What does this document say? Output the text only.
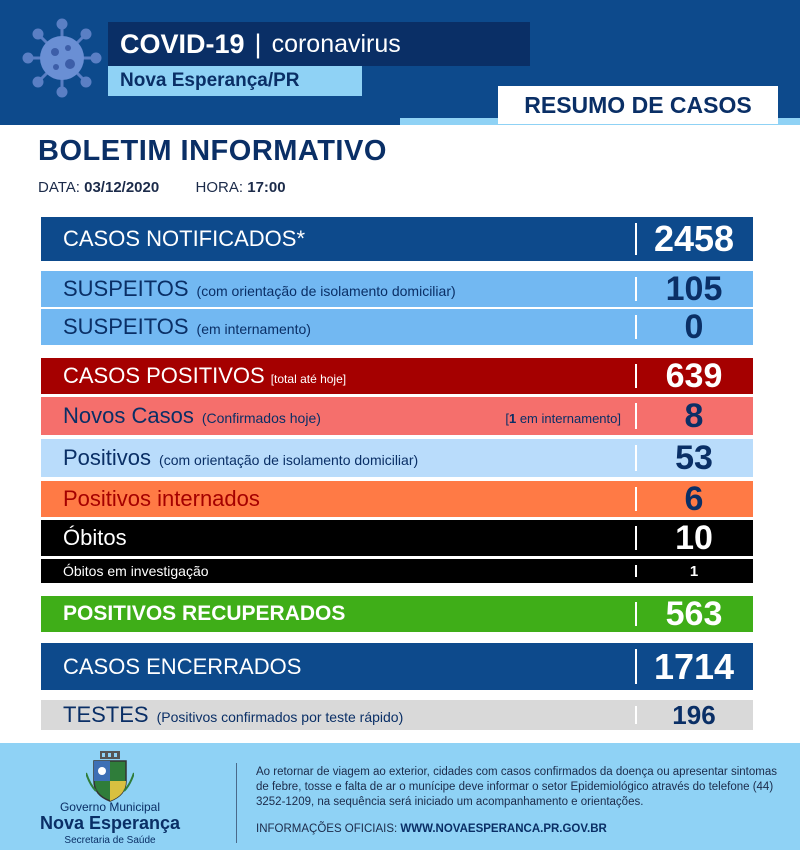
COVID-19 | coronavirus
Nova Esperança/PR
RESUMO DE CASOS
BOLETIM INFORMATIVO
DATA: 03/12/2020 HORA: 17:00
CASOS NOTIFICADOS*	2458
SUSPEITOS (com orientação de isolamento domiciliar)	105
SUSPEITOS (em internamento)	0
CASOS POSITIVOS [total até hoje]	639
Novos Casos (Confirmados hoje)	[1 em internamento]	8
Positivos (com orientação de isolamento domiciliar)	53
Positivos internados	6
Óbitos	10
Óbitos em investigação	1
POSITIVOS RECUPERADOS	563
CASOS ENCERRADOS	1714
TESTES (Positivos confirmados por teste rápido)	196
Governo Municipal
Nova Esperança
Secretaria de Saúde
Ao retornar de viagem ao exterior, cidades com casos confirmados da doença ou apresentar sintomas de febre, tosse e falta de ar o munícipe deve informar o setor Epidemiológico através do telefone (44) 3252-1209, na sequência será iniciado um acompanhamento e orientações.
INFORMAÇÕES OFICIAIS: WWW.NOVAESPERANCA.PR.GOV.BR
